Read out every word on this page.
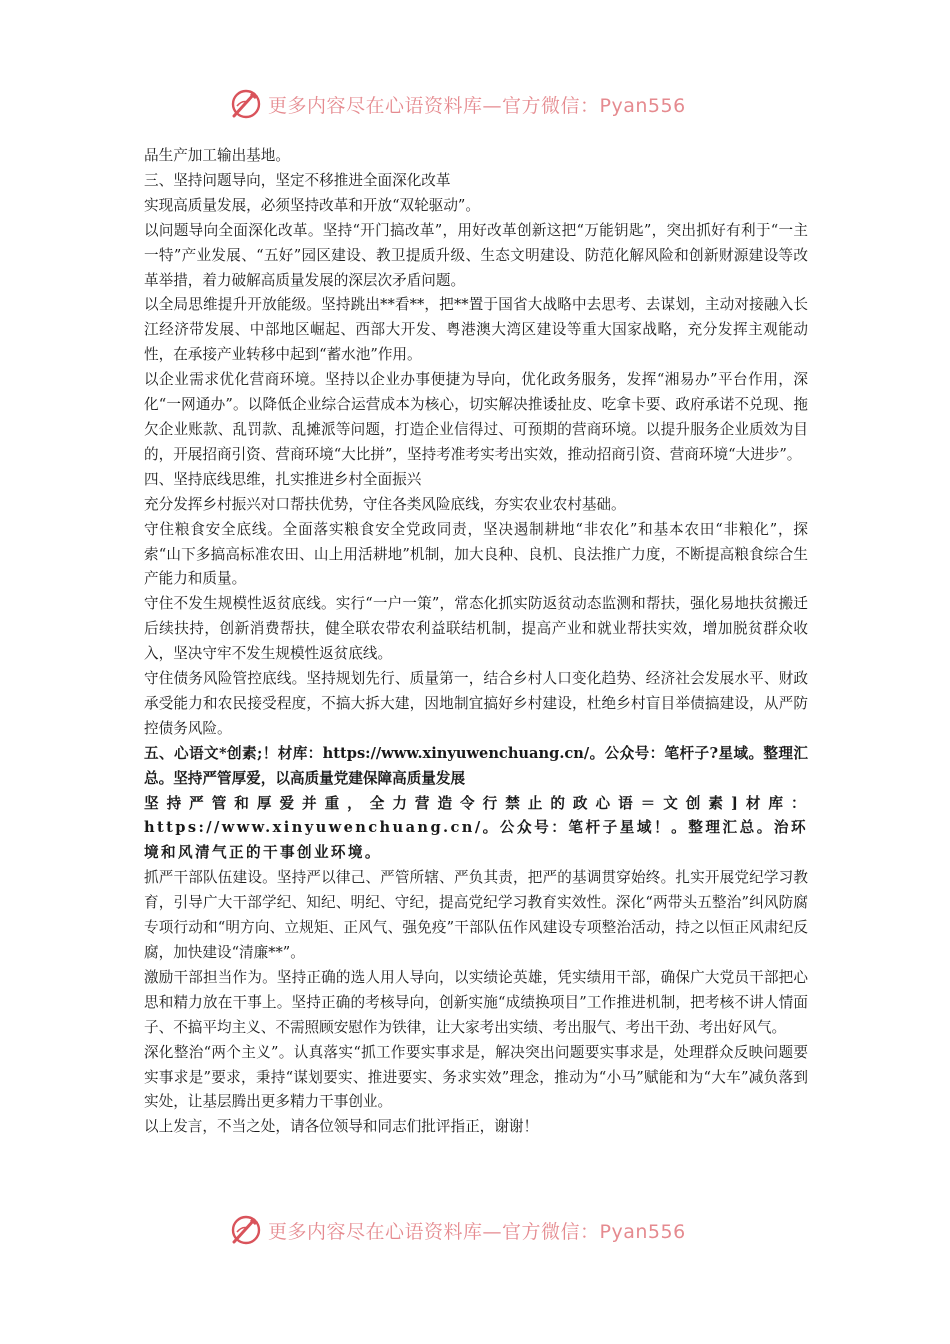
更多内容尽在心语资料库—官方微信：Pyan556

品生产加工输出基地。

三、坚持问题导向，坚定不移推进全面深化改革

实现高质量发展，必须坚持改革和开放“双轮驱动”。

以问题导向全面深化改革。坚持“开门搞改革”，用好改革创新这把“万能钥匙”，突出抓好有利于“一主一特”产业发展、“五好”园区建设、教卫提质升级、生态文明建设、防范化解风险和创新财源建设等改革举措，着力破解高质量发展的深层次矛盾问题。

以全局思维提升开放能级。坚持跳出**看**，把**置于国省大战略中去思考、去谋划，主动对接融入长江经济带发展、中部地区崛起、西部大开发、粤港澳大湾区建设等重大国家战略，充分发挥主观能动性，在承接产业转移中起到“蓄水池”作用。

以企业需求优化营商环境。坚持以企业办事便捷为导向，优化政务服务，发挥“湘易办”平台作用，深化“一网通办”。以降低企业综合运营成本为核心，切实解决推诿扯皮、吃拿卡要、政府承诺不兑现、拖欠企业账款、乱罚款、乱摊派等问题，打造企业信得过、可预期的营商环境。以提升服务企业质效为目的，开展招商引资、营商环境“大比拼”，坚持考准考实考出实效，推动招商引资、营商环境“大进步”。

四、坚持底线思维，扎实推进乡村全面振兴

充分发挥乡村振兴对口帮扶优势，守住各类风险底线，夯实农业农村基础。

守住粮食安全底线。全面落实粮食安全党政同责，坚决遏制耕地“非农化”和基本农田“非粮化”，探索“山下多搞高标准农田、山上用活耕地”机制，加大良种、良机、良法推广力度，不断提高粮食综合生产能力和质量。

守住不发生规模性返贫底线。实行“一户一策”，常态化抓实防返贫动态监测和帮扶，强化易地扶贫搬迁后续扶持，创新消费帮扶，健全联农带农利益联结机制，提高产业和就业帮扶实效，增加脱贫群众收入，坚决守牢不发生规模性返贫底线。

守住债务风险管控底线。坚持规划先行、质量第一，结合乡村人口变化趋势、经济社会发展水平、财政承受能力和农民接受程度，不搞大拆大建，因地制宜搞好乡村建设，杜绝乡村盲目举债搞建设，从严防控债务风险。

五、心语文*创素;！材库：https://www.xinyuwenchuang.cn/。公众号：笔杆子?星域。整理汇总。坚持严管厚爱，以高质量党建保障高质量发展

坚持严管和厚爱并重，全力营造令行禁止的政心语＝文创素]材库：https://www.xinyuwenchuang.cn/。公众号：笔杆子星域！。整理汇总。治环境和风清气正的干事创业环境。

抓严干部队伍建设。坚持严以律己、严管所辖、严负其责，把严的基调贯穿始终。扎实开展党纪学习教育，引导广大干部学纪、知纪、明纪、守纪，提高党纪学习教育实效性。深化“两带头五整治”纠风防腐专项行动和“明方向、立规矩、正风气、强免疫”干部队伍作风建设专项整治活动，持之以恒正风肃纪反腐，加快建设“清廉**”。

激励干部担当作为。坚持正确的选人用人导向，以实绩论英雄，凭实绩用干部，确保广大党员干部把心思和精力放在干事上。坚持正确的考核导向，创新实施“成绩换项目”工作推进机制，把考核不讲人情面子、不搞平均主义、不需照顾安慰作为铁律，让大家考出实绩、考出服气、考出干劲、考出好风气。

深化整治“两个主义”。认真落实“抓工作要实事求是，解决突出问题要实事求是，处理群众反映问题要实事求是”要求，秉持“谋划要实、推进要实、务求实效”理念，推动为“小马”赋能和为“大车”减负落到实处，让基层腾出更多精力干事创业。

以上发言，不当之处，请各位领导和同志们批评指正，谢谢！

更多内容尽在心语资料库—官方微信：Pyan556
